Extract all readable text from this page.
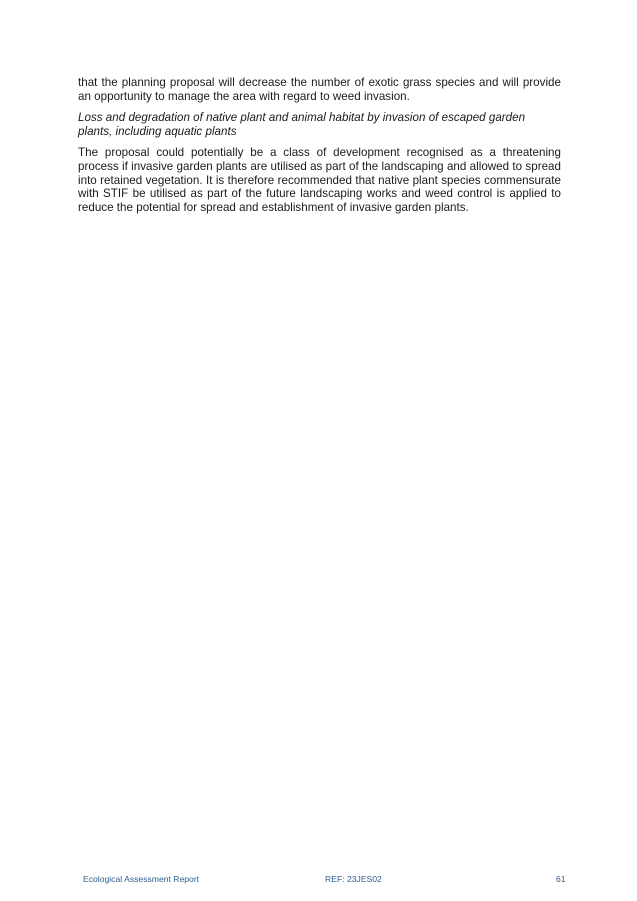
that the planning proposal will decrease the number of exotic grass species and will provide an opportunity to manage the area with regard to weed invasion.

Loss and degradation of native plant and animal habitat by invasion of escaped garden plants, including aquatic plants

The proposal could potentially be a class of development recognised as a threatening process if invasive garden plants are utilised as part of the landscaping and allowed to spread into retained vegetation. It is therefore recommended that native plant species commensurate with STIF be utilised as part of the future landscaping works and weed control is applied to reduce the potential for spread and establishment of invasive garden plants.

Ecological Assessment Report	REF: 23JES02	61
